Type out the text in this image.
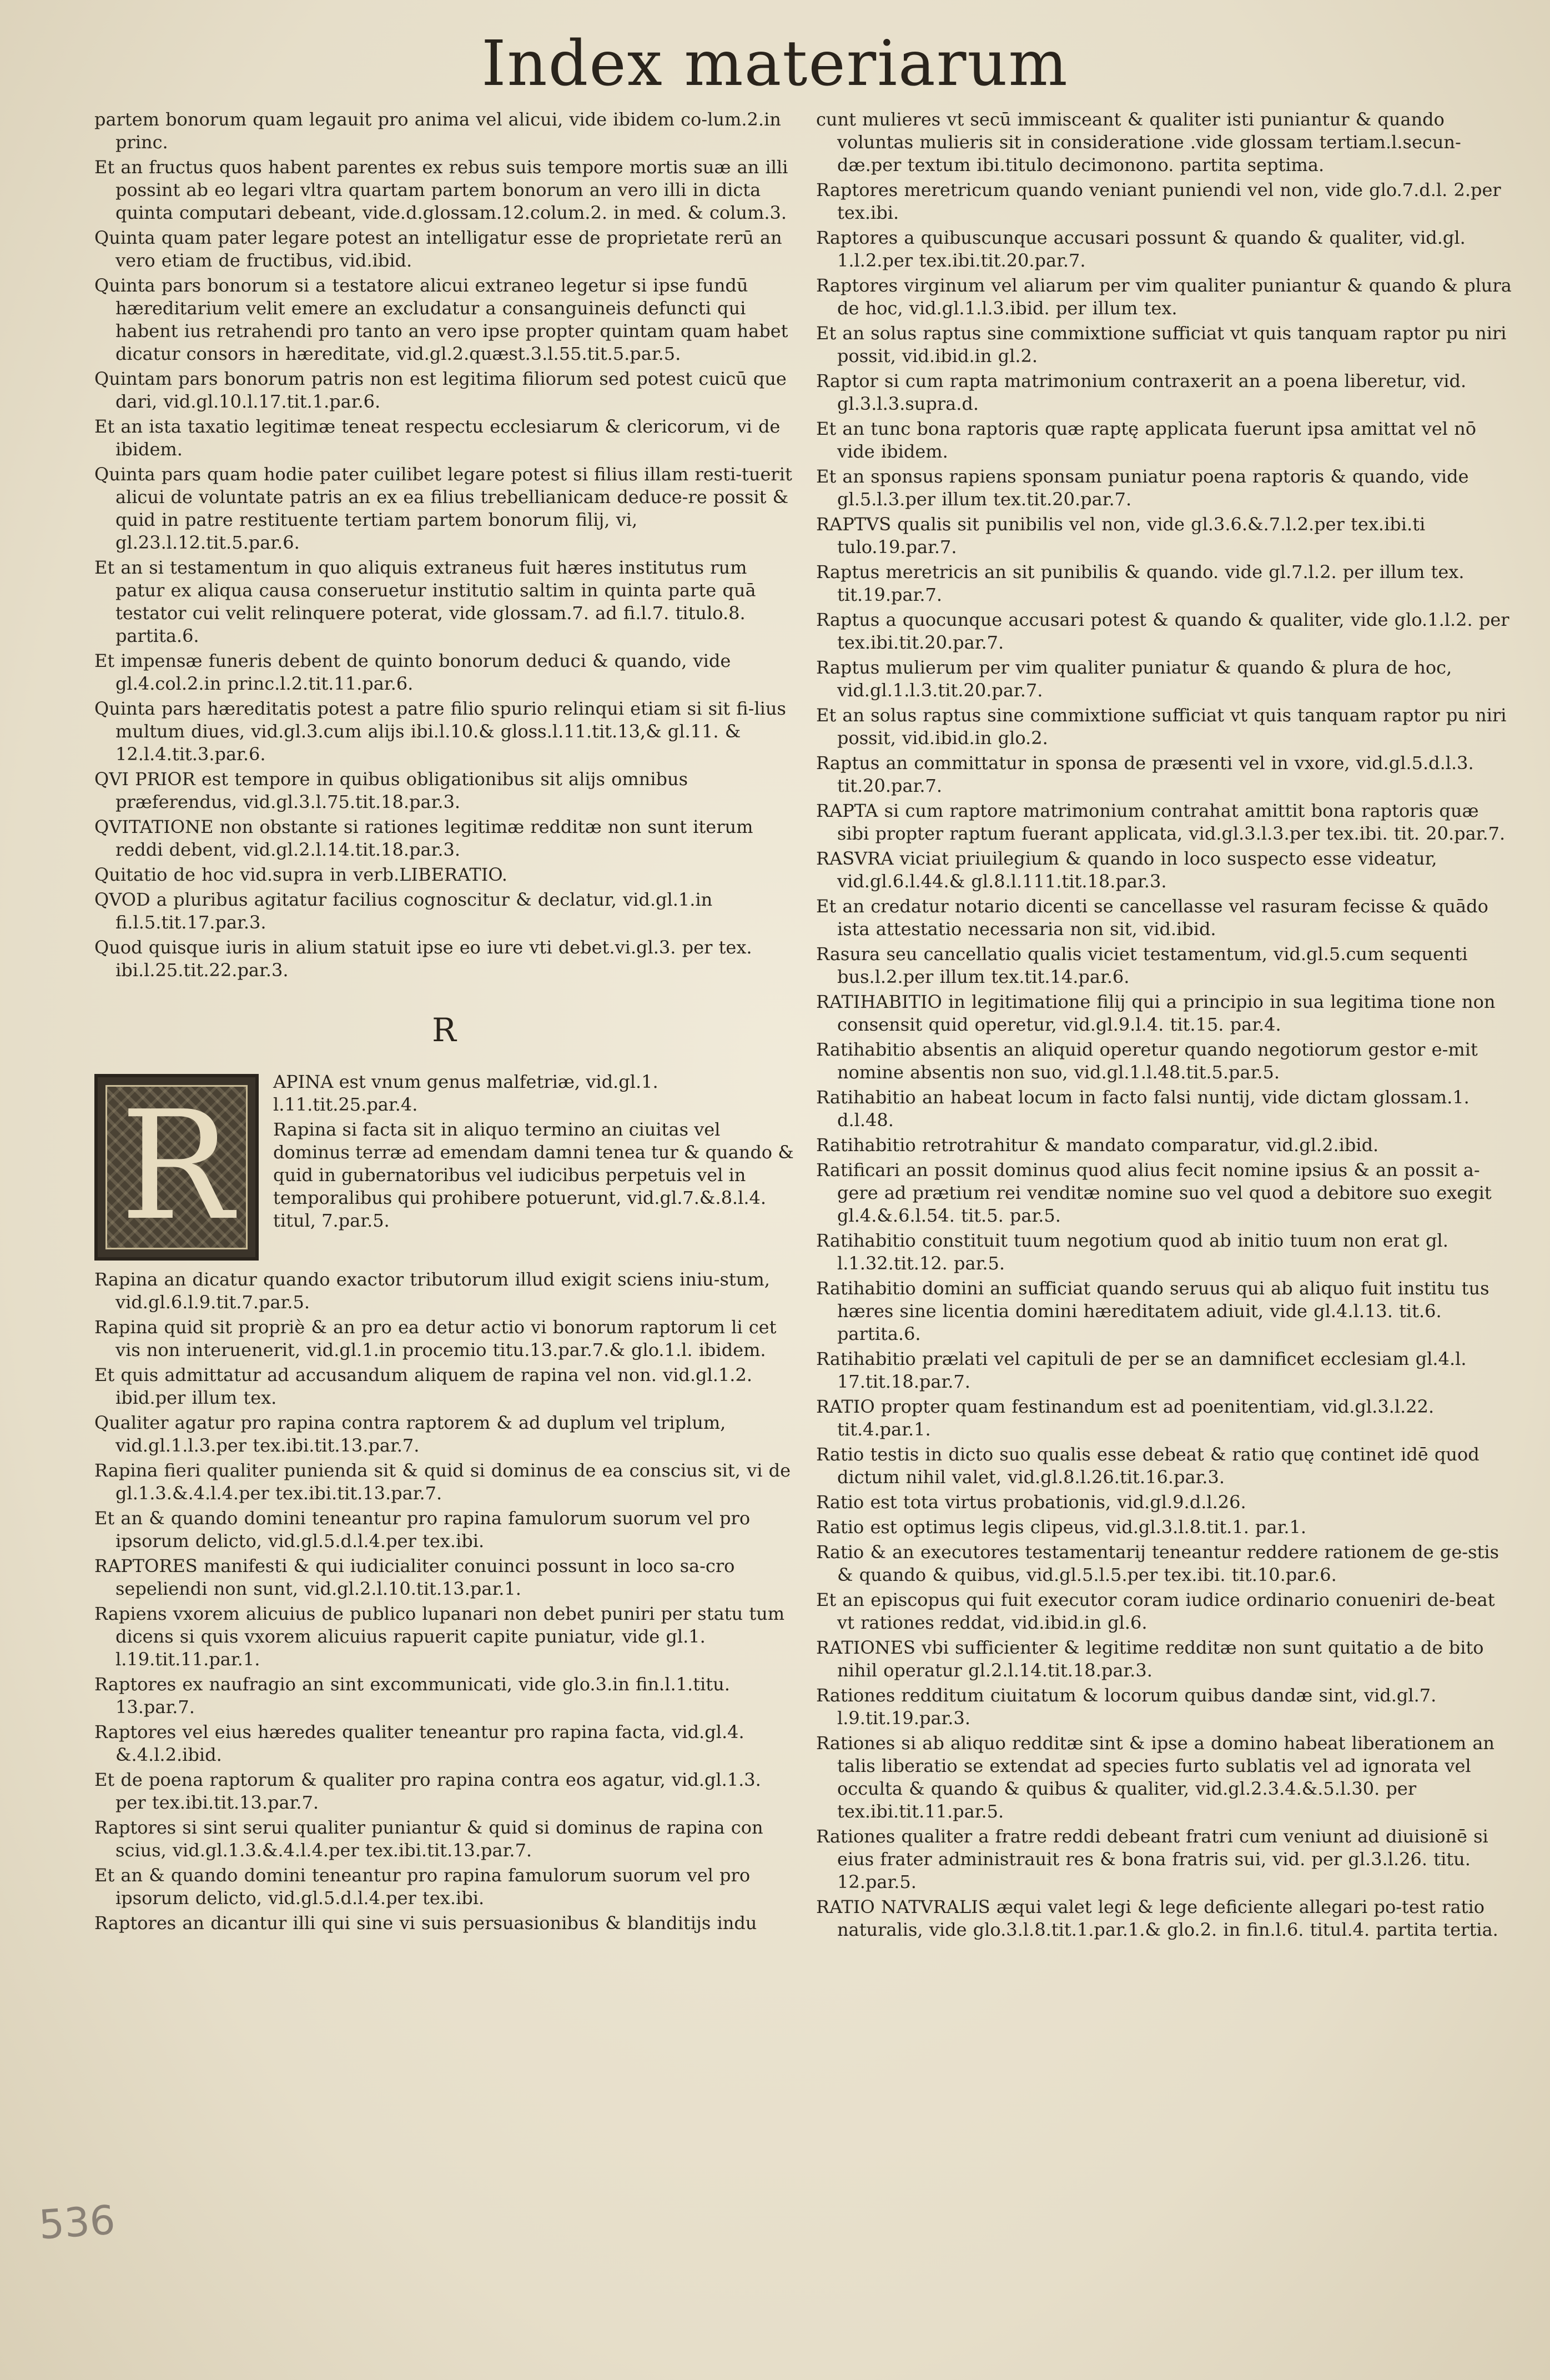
Index materiarum

partem bonorum quam legauit pro anima vel alicui, vide ibidem co-lum.2.in princ.

Et an fructus quos habent parentes ex rebus suis tempore mortis suæ an illi possint ab eo legari vltra quartam partem bonorum an vero illi in dicta quinta computari debeant, vide.d.glossam.12.colum.2. in med. & colum.3.

Quinta quam pater legare potest an intelligatur esse de proprietate rerū an vero etiam de fructibus, vid.ibid.

Quinta pars bonorum si a testatore alicui extraneo legetur si ipse fundū hæreditarium velit emere an excludatur a consanguineis defuncti qui habent ius retrahendi pro tanto an vero ipse propter quintam quam habet dicatur consors in hæreditate, vid.gl.2.quæst.3.l.55.tit.5.par.5.

Quintam pars bonorum patris non est legitima filiorum sed potest cuicū que dari, vid.gl.10.l.17.tit.1.par.6.

Et an ista taxatio legitimæ teneat respectu ecclesiarum & clericorum, vi de ibidem.

Quinta pars quam hodie pater cuilibet legare potest si filius illam resti-tuerit alicui de voluntate patris an ex ea filius trebellianicam deduce-re possit & quid in patre restituente tertiam partem bonorum filij, vi, gl.23.l.12.tit.5.par.6.

Et an si testamentum in quo aliquis extraneus fuit hæres institutus rum patur ex aliqua causa conseruetur institutio saltim in quinta parte quā testator cui velit relinquere poterat, vide glossam.7. ad fi.l.7. titulo.8. partita.6.

Et impensæ funeris debent de quinto bonorum deduci & quando, vide gl.4.col.2.in princ.l.2.tit.11.par.6.

Quinta pars hæreditatis potest a patre filio spurio relinqui etiam si sit fi-lius multum diues, vid.gl.3.cum alijs ibi.l.10.& gloss.l.11.tit.13,& gl.11. & 12.l.4.tit.3.par.6.

QVI PRIOR est tempore in quibus obligationibus sit alijs omnibus præferendus, vid.gl.3.l.75.tit.18.par.3.

QVITATIONE non obstante si rationes legitimæ redditæ non sunt iterum reddi debent, vid.gl.2.l.14.tit.18.par.3.

Quitatio de hoc vid.supra in verb.LIBERATIO.

QVOD a pluribus agitatur facilius cognoscitur & declatur, vid.gl.1.in fi.l.5.tit.17.par.3.

Quod quisque iuris in alium statuit ipse eo iure vti debet.vi.gl.3. per tex. ibi.l.25.tit.22.par.3.

R
R	APINA est vnum genus malfetriæ, vid.gl.1. l.11.tit.25.par.4.

Rapina si facta sit in aliquo termino an ciuitas vel dominus terræ ad emendam damni tenea tur & quando & quid in gubernatoribus vel iudicibus perpetuis vel in temporalibus qui prohibere potuerunt, vid.gl.7.&.8.l.4. titul, 7.par.5.

Rapina an dicatur quando exactor tributorum illud exigit sciens iniu-stum, vid.gl.6.l.9.tit.7.par.5.

Rapina quid sit propriè & an pro ea detur actio vi bonorum raptorum li cet vis non interuenerit, vid.gl.1.in procemio titu.13.par.7.& glo.1.l. ibidem.

Et quis admittatur ad accusandum aliquem de rapina vel non. vid.gl.1.2. ibid.per illum tex.

Qualiter agatur pro rapina contra raptorem & ad duplum vel triplum, vid.gl.1.l.3.per tex.ibi.tit.13.par.7.

Rapina fieri qualiter punienda sit & quid si dominus de ea conscius sit, vi de gl.1.3.&.4.l.4.per tex.ibi.tit.13.par.7.

Et an & quando domini teneantur pro rapina famulorum suorum vel pro ipsorum delicto, vid.gl.5.d.l.4.per tex.ibi.

RAPTORES manifesti & qui iudicialiter conuinci possunt in loco sa-cro sepeliendi non sunt, vid.gl.2.l.10.tit.13.par.1.

Rapiens vxorem alicuius de publico lupanari non debet puniri per statu tum dicens si quis vxorem alicuius rapuerit capite puniatur, vide gl.1. l.19.tit.11.par.1.

Raptores ex naufragio an sint excommunicati, vide glo.3.in fin.l.1.titu. 13.par.7.

Raptores vel eius hæredes qualiter teneantur pro rapina facta, vid.gl.4. &.4.l.2.ibid.

Et de poena raptorum & qualiter pro rapina contra eos agatur, vid.gl.1.3. per tex.ibi.tit.13.par.7.

Raptores si sint serui qualiter puniantur & quid si dominus de rapina con scius, vid.gl.1.3.&.4.l.4.per tex.ibi.tit.13.par.7.

Et an & quando domini teneantur pro rapina famulorum suorum vel pro ipsorum delicto, vid.gl.5.d.l.4.per tex.ibi.

Raptores an dicantur illi qui sine vi suis persuasionibus & blanditijs indu

cunt mulieres vt secū immisceant & qualiter isti puniantur & quando voluntas mulieris sit in consideratione .vide glossam tertiam.l.secun-dæ.per textum ibi.titulo decimonono. partita septima.

Raptores meretricum quando veniant puniendi vel non, vide glo.7.d.l. 2.per tex.ibi.

Raptores a quibuscunque accusari possunt & quando & qualiter, vid.gl. 1.l.2.per tex.ibi.tit.20.par.7.

Raptores virginum vel aliarum per vim qualiter puniantur & quando & plura de hoc, vid.gl.1.l.3.ibid. per illum tex.

Et an solus raptus sine commixtione sufficiat vt quis tanquam raptor pu niri possit, vid.ibid.in gl.2.

Raptor si cum rapta matrimonium contraxerit an a poena liberetur, vid. gl.3.l.3.supra.d.

Et an tunc bona raptoris quæ raptę applicata fuerunt ipsa amittat vel nō vide ibidem.

Et an sponsus rapiens sponsam puniatur poena raptoris & quando, vide gl.5.l.3.per illum tex.tit.20.par.7.

RAPTVS qualis sit punibilis vel non, vide gl.3.6.&.7.l.2.per tex.ibi.ti tulo.19.par.7.

Raptus meretricis an sit punibilis & quando. vide gl.7.l.2. per illum tex. tit.19.par.7.

Raptus a quocunque accusari potest & quando & qualiter, vide glo.1.l.2. per tex.ibi.tit.20.par.7.

Raptus mulierum per vim qualiter puniatur & quando & plura de hoc, vid.gl.1.l.3.tit.20.par.7.

Et an solus raptus sine commixtione sufficiat vt quis tanquam raptor pu niri possit, vid.ibid.in glo.2.

Raptus an committatur in sponsa de præsenti vel in vxore, vid.gl.5.d.l.3. tit.20.par.7.

RAPTA si cum raptore matrimonium contrahat amittit bona raptoris quæ sibi propter raptum fuerant applicata, vid.gl.3.l.3.per tex.ibi. tit. 20.par.7.

RASVRA viciat priuilegium & quando in loco suspecto esse videatur, vid.gl.6.l.44.& gl.8.l.111.tit.18.par.3.

Et an credatur notario dicenti se cancellasse vel rasuram fecisse & quādo ista attestatio necessaria non sit, vid.ibid.

Rasura seu cancellatio qualis viciet testamentum, vid.gl.5.cum sequenti bus.l.2.per illum tex.tit.14.par.6.

RATIHABITIO in legitimatione filij qui a principio in sua legitima tione non consensit quid operetur, vid.gl.9.l.4. tit.15. par.4.

Ratihabitio absentis an aliquid operetur quando negotiorum gestor e-mit nomine absentis non suo, vid.gl.1.l.48.tit.5.par.5.

Ratihabitio an habeat locum in facto falsi nuntij, vide dictam glossam.1. d.l.48.

Ratihabitio retrotrahitur & mandato comparatur, vid.gl.2.ibid.

Ratificari an possit dominus quod alius fecit nomine ipsius & an possit a-gere ad prætium rei venditæ nomine suo vel quod a debitore suo exegit gl.4.&.6.l.54. tit.5. par.5.

Ratihabitio constituit tuum negotium quod ab initio tuum non erat gl. l.1.32.tit.12. par.5.

Ratihabitio domini an sufficiat quando seruus qui ab aliquo fuit institu tus hæres sine licentia domini hæreditatem adiuit, vide gl.4.l.13. tit.6. partita.6.

Ratihabitio prælati vel capituli de per se an damnificet ecclesiam gl.4.l. 17.tit.18.par.7.

RATIO propter quam festinandum est ad poenitentiam, vid.gl.3.l.22. tit.4.par.1.

Ratio testis in dicto suo qualis esse debeat & ratio quę continet idē quod dictum nihil valet, vid.gl.8.l.26.tit.16.par.3.

Ratio est tota virtus probationis, vid.gl.9.d.l.26.

Ratio est optimus legis clipeus, vid.gl.3.l.8.tit.1. par.1.

Ratio & an executores testamentarij teneantur reddere rationem de ge-stis & quando & quibus, vid.gl.5.l.5.per tex.ibi. tit.10.par.6.

Et an episcopus qui fuit executor coram iudice ordinario conueniri de-beat vt rationes reddat, vid.ibid.in gl.6.

RATIONES vbi sufficienter & legitime redditæ non sunt quitatio a de bito nihil operatur gl.2.l.14.tit.18.par.3.

Rationes redditum ciuitatum & locorum quibus dandæ sint, vid.gl.7. l.9.tit.19.par.3.

Rationes si ab aliquo redditæ sint & ipse a domino habeat liberationem an talis liberatio se extendat ad species furto sublatis vel ad ignorata vel occulta & quando & quibus & qualiter, vid.gl.2.3.4.&.5.l.30. per tex.ibi.tit.11.par.5.

Rationes qualiter a fratre reddi debeant fratri cum veniunt ad diuisionē si eius frater administrauit res & bona fratris sui, vid. per gl.3.l.26. titu. 12.par.5.

RATIO NATVRALIS æqui valet legi & lege deficiente allegari po-test ratio naturalis, vide glo.3.l.8.tit.1.par.1.& glo.2. in fin.l.6. titul.4. partita tertia.

536
